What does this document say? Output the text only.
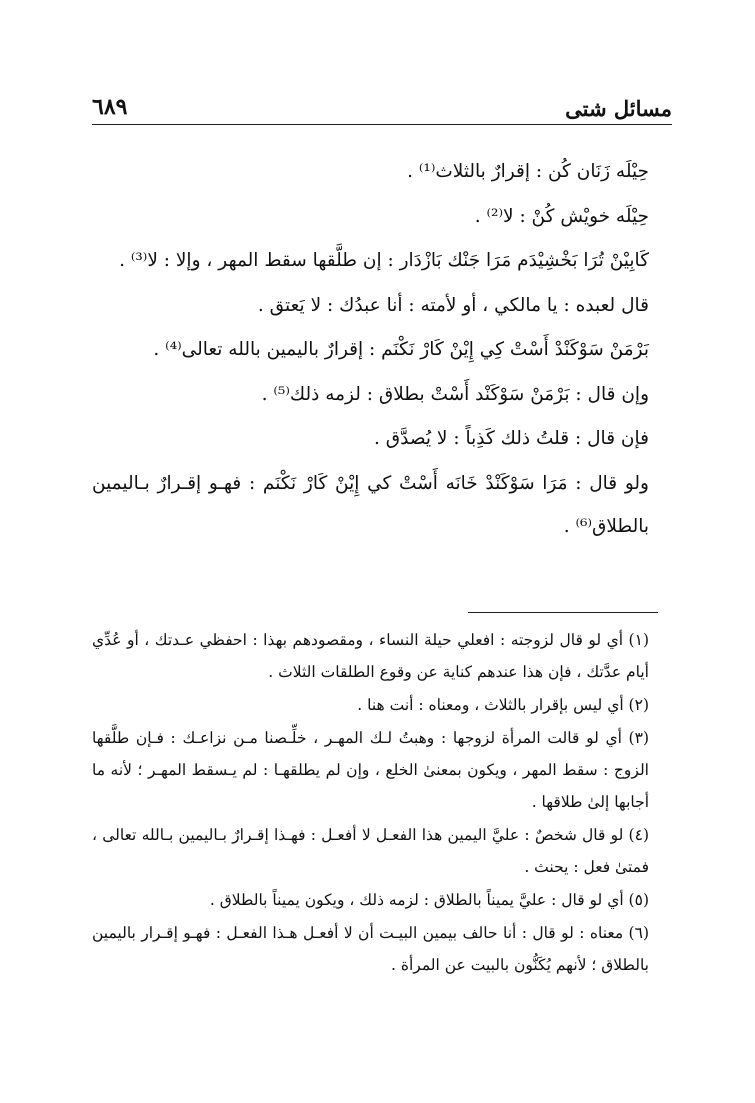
مسائل شتى
٦٨٩

حِيْلَه زَنَان كُن : إقرارٌ بالثلاث⁽¹⁾ .

حِيْلَه خويْش كُنْ : لا⁽²⁾ .

كَابِيْنْ تُرَا بَخْشِيْدَم مَرَا جَنْك بَازْدَار : إن طلَّقها سقط المهر ، وإلا : لا⁽³⁾ .

قال لعبده : يا مالكي ، أو لأمته : أنا عبدُك : لا يَعتق .

بَرْمَنْ سَوْكَنْدْ أَسْتْ كِي إِيْنْ كَارْ نَكْنَم : إقرارٌ باليمين بالله تعالى⁽⁴⁾ .

وإن قال : بَرْمَنْ سَوْكَنْد أَسْتْ بطلاق : لزمه ذلك⁽⁵⁾ .

فإن قال : قلتُ ذلك كَذِباً : لا يُصدَّق .

ولو قال : مَرَا سَوْكَنْدْ خَانَه أَسْتْ كي إِيْنْ كَارْ نَكْنَم : فهـو إقـرارٌ بـاليمين بالطلاق⁽⁶⁾ .

(١) أي لو قال لزوجته : افعلي حيلة النساء ، ومقصودهم بهذا : احفظي عـدتك ، أو عُدِّي أيام عدَّتك ، فإن هذا عندهم كناية عن وقوع الطلقات الثلاث .

(٢) أي ليس بإقرار بالثلاث ، ومعناه : أنت هنا .

(٣) أي لو قالت المرأة لزوجها : وهبتُ لـك المهـر ، خلِّـصنا مـن نزاعـك : فـإن طلَّقها الزوج : سقط المهر ، ويكون بمعنىٰ الخلع ، وإن لم يطلقهـا : لم يـسقط المهـر ؛ لأنه ما أجابها إلىٰ طلاقها .

(٤) لو قال شخصٌ : عليَّ اليمين هذا الفعـل لا أفعـل : فهـذا إقـرارٌ بـاليمين بـالله تعالى ، فمتىٰ فعل : يحنث .

(٥) أي لو قال : عليَّ يميناً بالطلاق : لزمه ذلك ، ويكون يميناً بالطلاق .

(٦) معناه : لو قال : أنا حالف بيمين البيـت أن لا أفعـل هـذا الفعـل : فهـو إقـرار باليمين بالطلاق ؛ لأنهم يُكَنُّون بالبيت عن المرأة .
